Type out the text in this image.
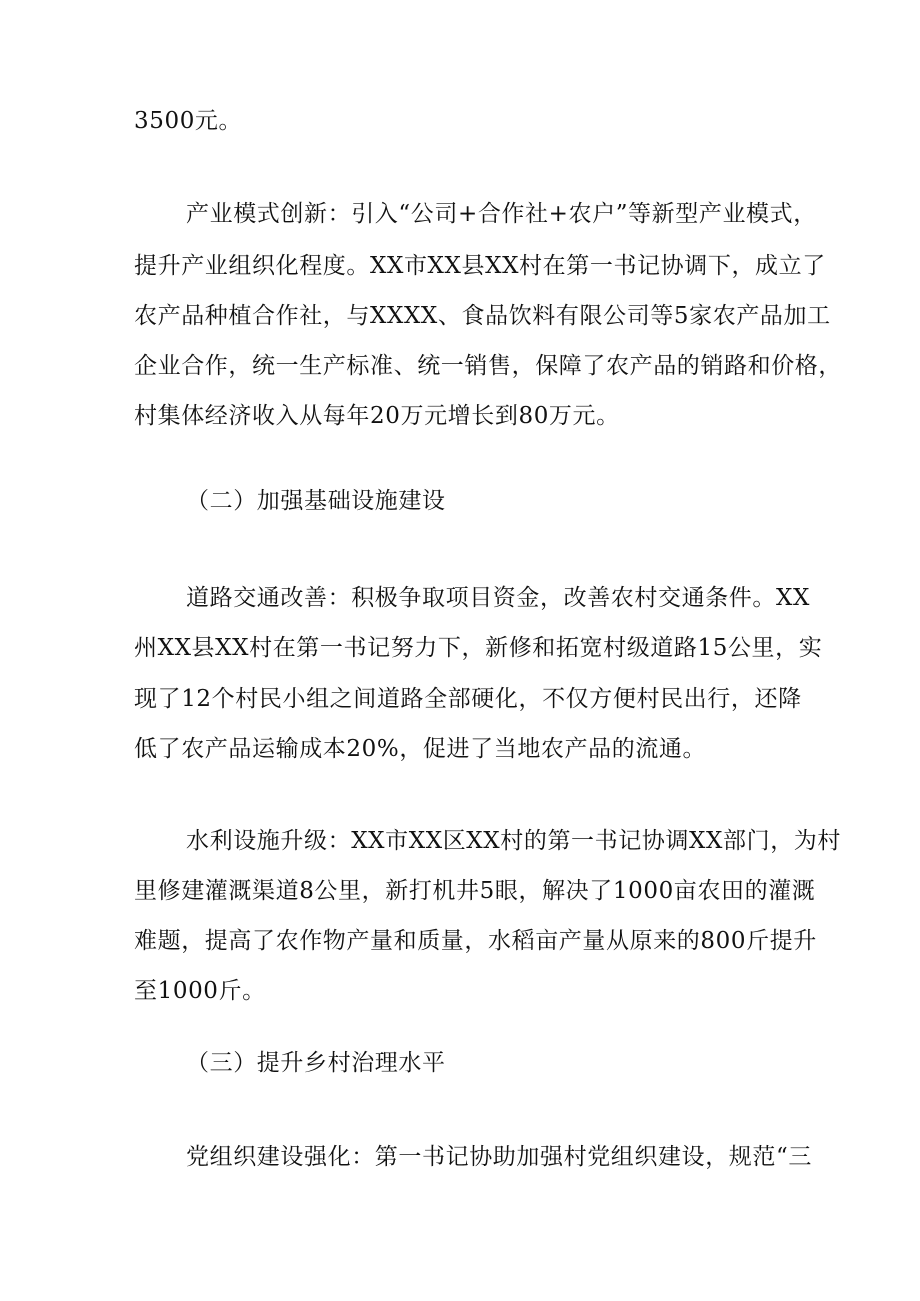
3500元。
产业模式创新：引入“公司+合作社+农户”等新型产业模式，
提升产业组织化程度。XX市XX县XX村在第一书记协调下，成立了
农产品种植合作社，与XXXX、食品饮料有限公司等5家农产品加工
企业合作，统一生产标准、统一销售，保障了农产品的销路和价格，
村集体经济收入从每年20万元增长到80万元。
（二）加强基础设施建设
道路交通改善：积极争取项目资金，改善农村交通条件。XX
州XX县XX村在第一书记努力下，新修和拓宽村级道路15公里，实
现了12个村民小组之间道路全部硬化，不仅方便村民出行，还降
低了农产品运输成本20%，促进了当地农产品的流通。
水利设施升级：XX市XX区XX村的第一书记协调XX部门，为村
里修建灌溉渠道8公里，新打机井5眼，解决了1000亩农田的灌溉
难题，提高了农作物产量和质量，水稻亩产量从原来的800斤提升
至1000斤。
（三）提升乡村治理水平
党组织建设强化：第一书记协助加强村党组织建设，规范“三
